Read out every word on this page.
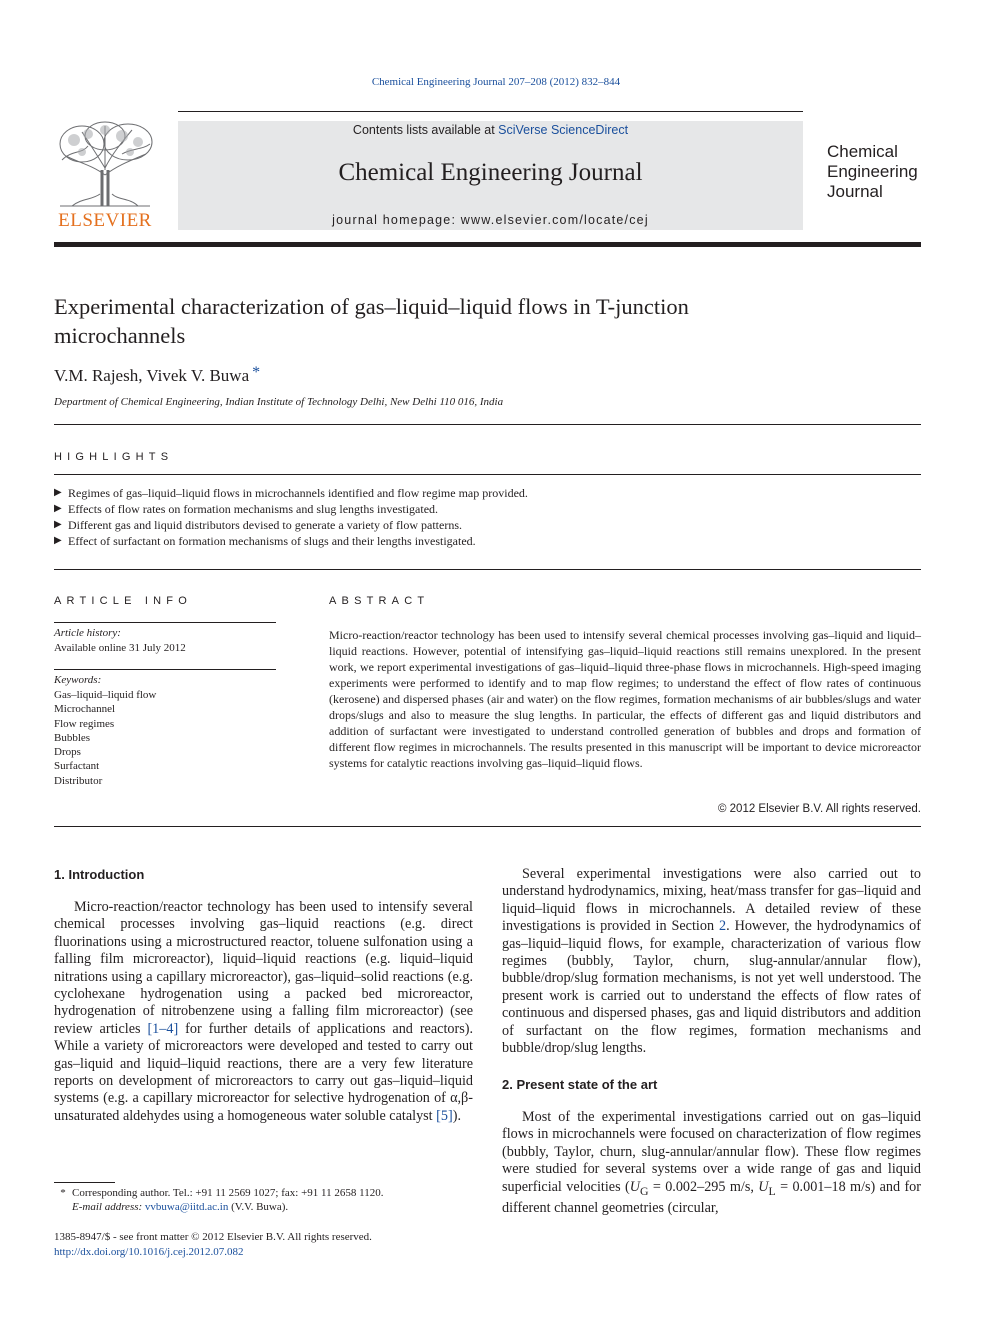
Chemical Engineering Journal 207–208 (2012) 832–844
ELSEVIER
Contents lists available at SciVerse ScienceDirect
Chemical Engineering Journal
journal homepage: www.elsevier.com/locate/cej
Chemical
Engineering
Journal
Experimental characterization of gas–liquid–liquid flows in T-junction
microchannels
V.M. Rajesh, Vivek V. Buwa *
Department of Chemical Engineering, Indian Institute of Technology Delhi, New Delhi 110 016, India
HIGHLIGHTS
▶ Regimes of gas–liquid–liquid flows in microchannels identified and flow regime map provided.
▶ Effects of flow rates on formation mechanisms and slug lengths investigated.
▶ Different gas and liquid distributors devised to generate a variety of flow patterns.
▶ Effect of surfactant on formation mechanisms of slugs and their lengths investigated.
ARTICLE INFO
Article history:
Available online 31 July 2012
Keywords:
Gas–liquid–liquid flow
Microchannel
Flow regimes
Bubbles
Drops
Surfactant
Distributor
ABSTRACT
Micro-reaction/reactor technology has been used to intensify several chemical processes involving gas–liquid and liquid–liquid reactions. However, potential of intensifying gas–liquid–liquid reactions still remains unexplored. In the present work, we report experimental investigations of gas–liquid–liquid three-phase flows in microchannels. High-speed imaging experiments were performed to identify and to map flow regimes; to understand the effect of flow rates of continuous (kerosene) and dispersed phases (air and water) on the flow regimes, formation mechanisms of air bubbles/slugs and water drops/slugs and also to measure the slug lengths. In particular, the effects of different gas and liquid distributors and addition of surfactant were investigated to understand controlled generation of bubbles and drops and formation of different flow regimes in microchannels. The results presented in this manuscript will be important to device microreactor systems for catalytic reactions involving gas–liquid–liquid flows.
© 2012 Elsevier B.V. All rights reserved.
1. Introduction

Micro-reaction/reactor technology has been used to intensify several chemical processes involving gas–liquid reactions (e.g. direct fluorinations using a microstructured reactor, toluene sulfonation using a falling film microreactor), liquid–liquid reactions (e.g. liquid–liquid nitrations using a capillary microreactor), gas–liquid–solid reactions (e.g. cyclohexane hydrogenation using a packed bed microreactor, hydrogenation of nitrobenzene using a falling film microreactor) (see review articles [1–4] for further details of applications and reactors). While a variety of microreactors were developed and tested to carry out gas–liquid and liquid–liquid reactions, there are a very few literature reports on development of microreactors to carry out gas–liquid–liquid systems (e.g. a capillary microreactor for selective hydrogenation of α,β-unsaturated aldehydes using a homogeneous water soluble catalyst [5]).

Several experimental investigations were also carried out to understand hydrodynamics, mixing, heat/mass transfer for gas–liquid and liquid–liquid flows in microchannels. A detailed review of these investigations is provided in Section 2. However, the hydrodynamics of gas–liquid–liquid flows, for example, characterization of various flow regimes (bubbly, Taylor, churn, slug-annular/annular flow), bubble/drop/slug formation mechanisms, is not yet well understood. The present work is carried out to understand the effects of flow rates of continuous and dispersed phases, gas and liquid distributors and addition of surfactant on the flow regimes, formation mechanisms and bubble/drop/slug lengths.

2. Present state of the art

Most of the experimental investigations carried out on gas–liquid flows in microchannels were focused on characterization of flow regimes (bubbly, Taylor, churn, slug-annular/annular flow). These flow regimes were studied for several systems over a wide range of gas and liquid superficial velocities ($U_G = 0.002-295$ m/s, $U_L = 0.001-18$ m/s) and for different channel geometries (circular,

* Corresponding author. Tel.: +91 11 2569 1027; fax: +91 11 2658 1120.
E-mail address: vvbuwa@iitd.ac.in (V.V. Buwa).
1385-8947/$ - see front matter © 2012 Elsevier B.V. All rights reserved.
http://dx.doi.org/10.1016/j.cej.2012.07.082
